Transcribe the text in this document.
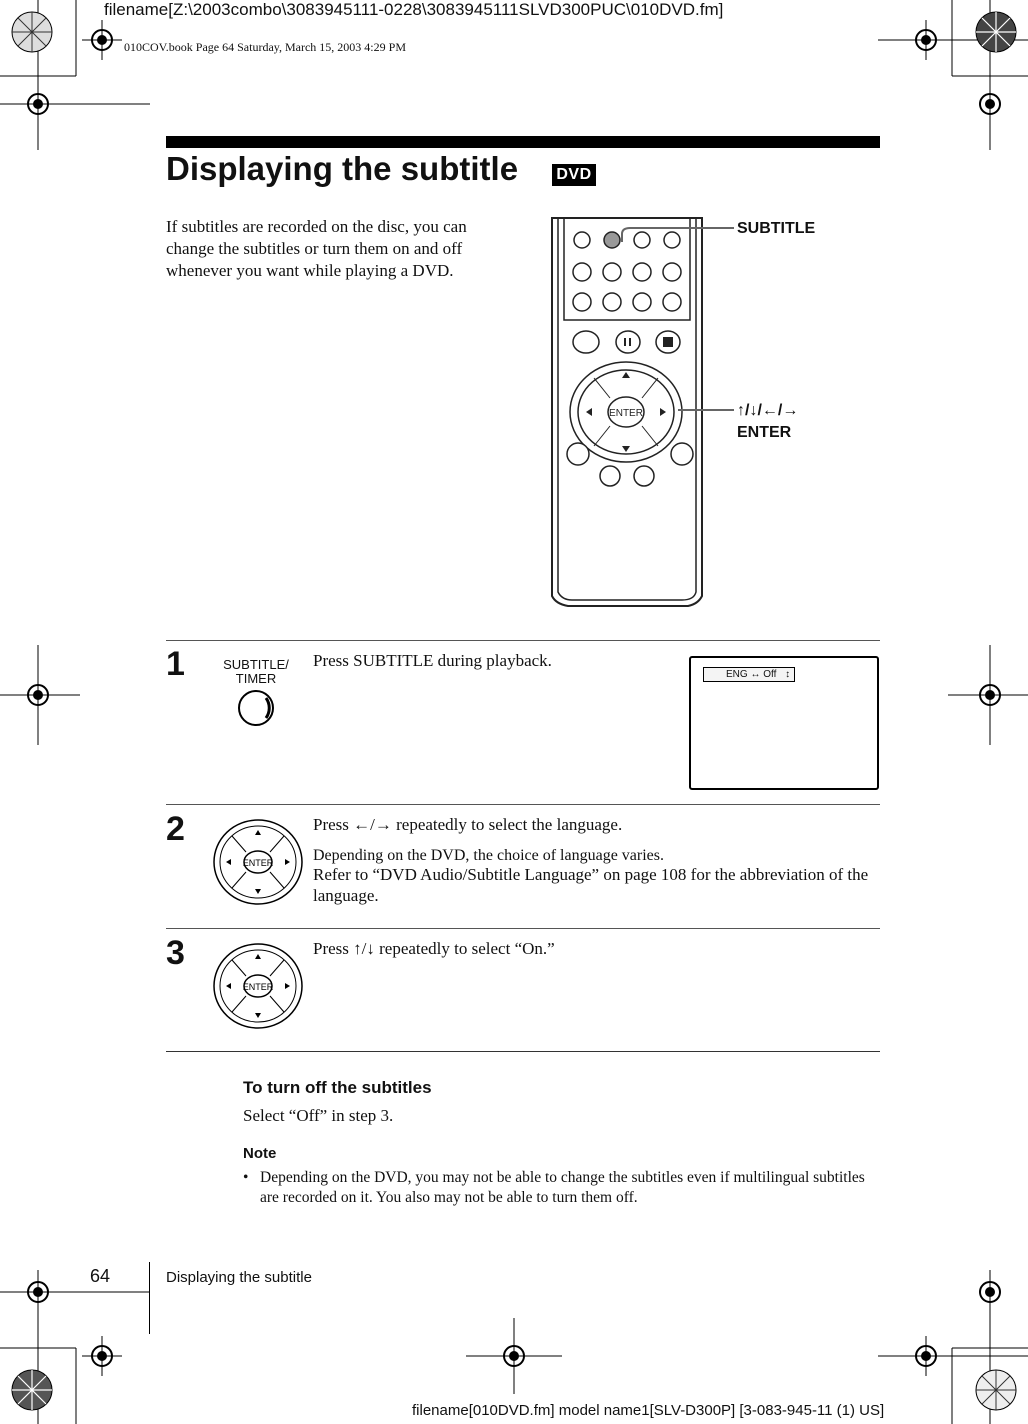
filename[Z:\2003combo\3083945111-0228\3083945111SLVD300PUC\010DVD.fm]
010COV.book Page 64 Saturday, March 15, 2003 4:29 PM
Displaying the subtitle DVD
If subtitles are recorded on the disc, you can change the subtitles or turn them on and off whenever you want while playing a DVD.
ENTER
SUBTITLE
↑/↓/←/→
ENTER
1	SUBTITLE/
TIMER
Press SUBTITLE during playback.
ENG ↔ Off ↕
2
ENTER
Press ←/→ repeatedly to select the language.
Depending on the DVD, the choice of language varies.
Refer to “DVD Audio/Subtitle Language” on page 108 for the abbreviation of the language.
3
ENTER
Press ↑/↓ repeatedly to select “On.”
To turn off the subtitles
Select “Off” in step 3.
Note
• Depending on the DVD, you may not be able to change the subtitles even if multilingual subtitles are recorded on it. You also may not be able to turn them off.
64	Displaying the subtitle
filename[010DVD.fm] model name1[SLV-D300P] [3-083-945-11 (1) US]
